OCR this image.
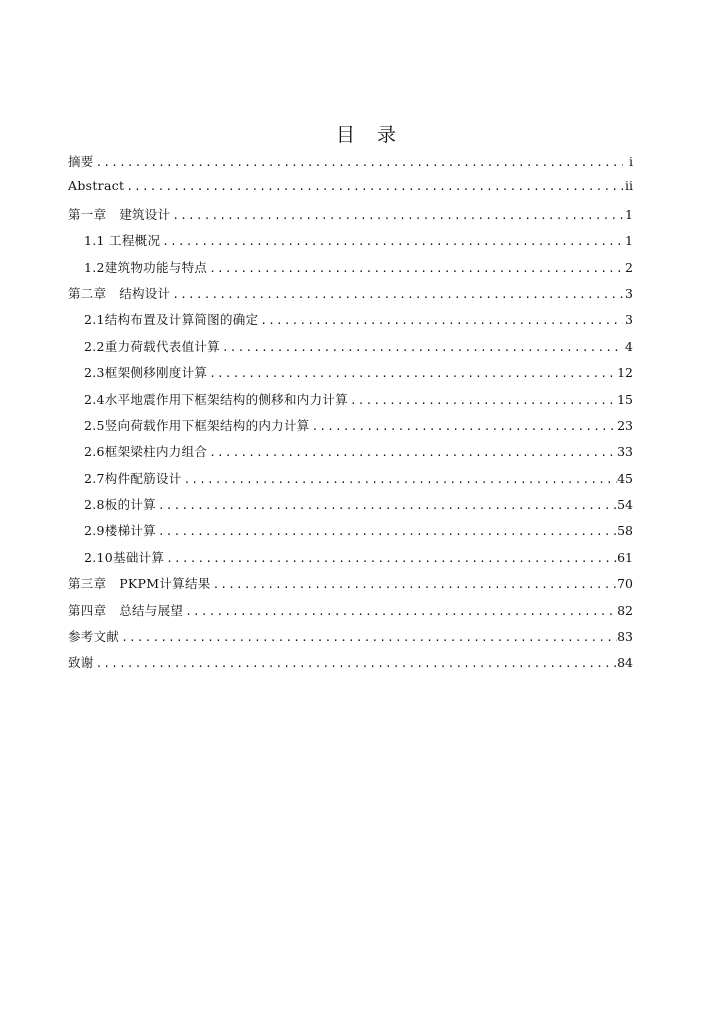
目 录
摘要 .....	i
Abstract .....	ii
第一章　建筑设计 .....	1
1.1 工程概况 .....	1
1.2建筑物功能与特点 .....	2
第二章　结构设计 .....	3
2.1结构布置及计算简图的确定 .....	3
2.2重力荷载代表值计算 .....	4
2.3框架侧移刚度计算 .....	12
2.4水平地震作用下框架结构的侧移和内力计算 .....	15
2.5竖向荷载作用下框架结构的内力计算 .....	23
2.6框架梁柱内力组合 .....	33
2.7构件配筋设计 .....	45
2.8板的计算 .....	54
2.9楼梯计算 .....	58
2.10基础计算 .....	61
第三章　PKPM计算结果 .....	70
第四章　总结与展望 .....	82
参考文献 .....	83
致谢 .....	84
